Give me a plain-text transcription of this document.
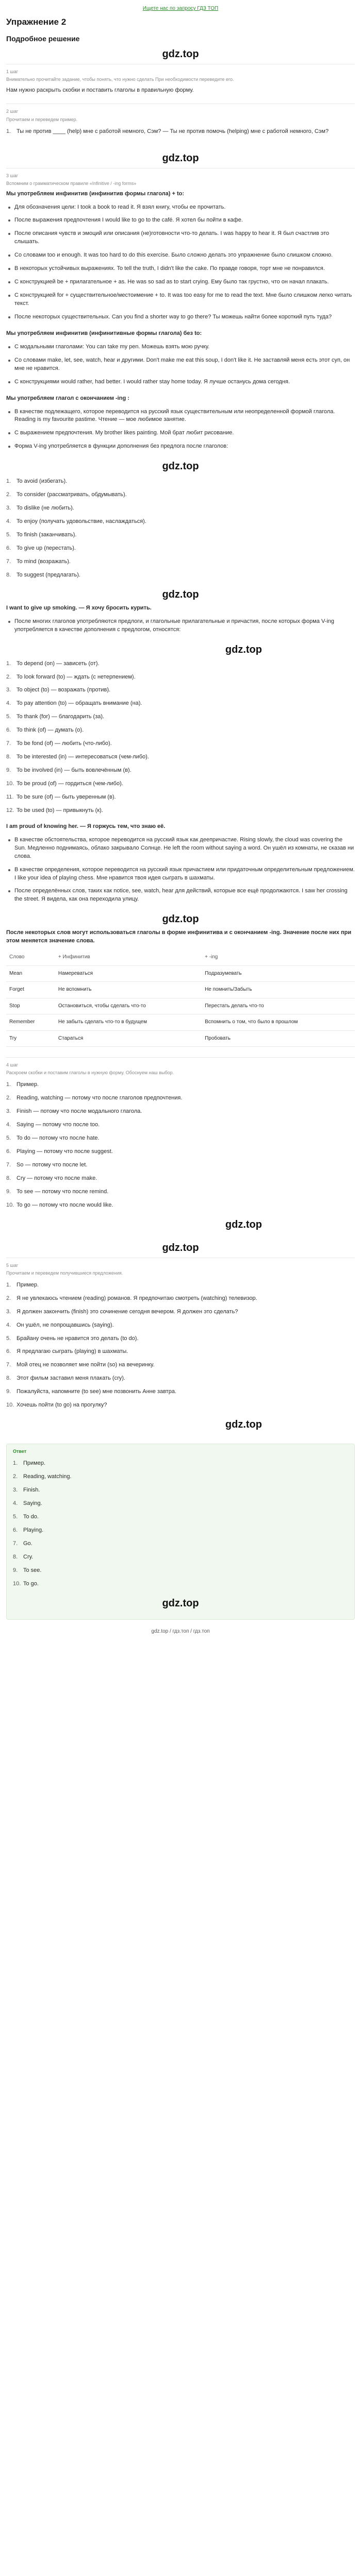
Ищете нас по запросу ГДЗ ТОП
Упражнение 2
Подробное решение
gdz.top
1 шаг
Внимательно прочитайте задание, чтобы понять, что нужно сделать При необходимости переведите его.

Нам нужно раскрыть скобки и поставить глаголы в правильную форму.

2 шаг
Прочитаем и переведем пример.
1. Ты не против ____ (help) мне с работой немного, Сэм? — Ты не против помочь (helping) мне с работой немного, Сэм?
gdz.top
3 шаг
Вспомним о грамматическом правиле «Infinitive / -ing forms»

Мы употребляем инфинитив (инфинитив формы глагола) + to:

Для обозначения цели: I took a book to read it. Я взял книгу, чтобы ее прочитать.
После выражения предпочтения I would like to go to the café. Я хотел бы пойти в кафе.
После описания чувств и эмоций или описания (не)готовности что-то делать. I was happy to hear it. Я был счастлив это слышать.
Со словами too и enough. It was too hard to do this exercise. Было сложно делать это упражнение было слишком сложно.
В некоторых устойчивых выражениях. To tell the truth, I didn't like the cake. По правде говоря, торт мне не понравился.
С конструкцией be + прилагательное + as. He was so sad as to start crying. Ему было так грустно, что он начал плакать.
С конструкцией for + существительное/местоимение + to. It was too easy for me to read the text. Мне было слишком легко читать текст.
После некоторых существительных. Can you find a shorter way to go there? Ты можешь найти более короткий путь туда?

Мы употребляем инфинитив (инфинитивные формы глагола) без to:

С модальными глаголами: You can take my pen. Можешь взять мою ручку.
Со словами make, let, see, watch, hear и другими. Don't make me eat this soup, I don't like it. Не заставляй меня есть этот суп, он мне не нравится.
С конструкциями would rather, had better. I would rather stay home today. Я лучше останусь дома сегодня.

Мы употребляем глагол с окончанием -ing :

В качестве подлежащего, которое переводится на русский язык существительным или неопределенной формой глагола. Reading is my favourite pastime. Чтение — мое любимое занятие.
С выражением предпочтения. My brother likes painting. Мой брат любит рисование.
Форма V-ing употребляется в функции дополнения без предлога после глаголов:
gdz.top
1. To avoid (избегать).
2. To consider (рассматривать, обдумывать).
3. To dislike (не любить).
4. To enjoy (получать удовольствие, наслаждаться).
5. To finish (заканчивать).
6. To give up (перестать).
7. To mind (возражать).
8. To suggest (предлагать).
gdz.top

I want to give up smoking. — Я хочу бросить курить.

После многих глаголов употребляются предлоги, и глагольные прилагательные и причастия, после которых форма V-ing употребляется в качестве дополнения с предлогом, относятся:
gdz.top
1. To depend (on) — зависеть (от).
2. To look forward (to) — ждать (с нетерпением).
3. To object (to) — возражать (против).
4. To pay attention (to) — обращать внимание (на).
5. To thank (for) — благодарить (за).
6. To think (of) — думать (о).
7. To be fond (of) — любить (что-либо).
8. To be interested (in) — интересоваться (чем-либо).
9. To be involved (in) — быть вовлечённым (в).
10. To be proud (of) — гордиться (чем-либо).
11. To be sure (of) — быть уверенным (в).
12. To be used (to) — привыкнуть (к).

I am proud of knowing her. — Я горжусь тем, что знаю её.

В качестве обстоятельства, которое переводится на русский язык как деепричастие. Rising slowly, the cloud was covering the Sun. Медленно поднимаясь, облако закрывало Солнце. He left the room without saying a word. Он ушёл из комнаты, не сказав ни слова.
В качестве определения, которое переводится на русский язык причастием или придаточным определительным предложением. I like your idea of playing chess. Мне нравится твоя идея сыграть в шахматы.
После определённых слов, таких как notice, see, watch, hear для действий, которые все ещё продолжаются. I saw her crossing the street. Я видела, как она переходила улицу.
gdz.top

После некоторых слов могут использоваться глаголы в форме инфинитива и с окончанием -ing. Значение после них при этом меняется значение слова.

Слово	+ Инфинитив	+ -ing
Mean	Намереваться	Подразумевать
Forget	Не вспомнить	Не помнить/Забыть
Stop	Остановиться, чтобы сделать что-то	Перестать делать что-то
Remember	Не забыть сделать что-то в будущем	Вспомнить о том, что было в прошлом
Try	Стараться	Пробовать
4 шаг
Раскроем скобки и поставим глаголы в нужную форму. Обоснуем наш выбор.
1. Пример.
2. Reading, watching — потому что после глаголов предпочтения.
3. Finish — потому что после модального глагола.
4. Saying — потому что после too.
5. To do — потому что после hate.
6. Playing — потому что после suggest.
7. So — потому что после let.
8. Cry — потому что после make.
9. To see — потому что после remind.
10. To go — потому что после would like.
gdz.top
gdz.top
5 шаг
Прочитаем и переведем получившиеся предложения.
1. Пример.
2. Я не увлекаюсь чтением (reading) романов. Я предпочитаю смотреть (watching) телевизор.
3. Я должен закончить (finish) это сочинение сегодня вечером. Я должен это сделать?
4. Он ушёл, не попрощавшись (saying).
5. Брайану очень не нравится это делать (to do).
6. Я предлагаю сыграть (playing) в шахматы.
7. Мой отец не позволяет мне пойти (so) на вечеринку.
8. Этот фильм заставил меня плакать (cry).
9. Пожалуйста, напомните (to see) мне позвонить Анне завтра.
10. Хочешь пойти (to go) на прогулку?
gdz.top
Ответ
1. Пример.
2. Reading, watching.
3. Finish.
4. Saying.
5. To do.
6. Playing.
7. Go.
8. Cry.
9. To see.
10. To go.
gdz.top
gdz.top / гдз.топ / гдз.топ
